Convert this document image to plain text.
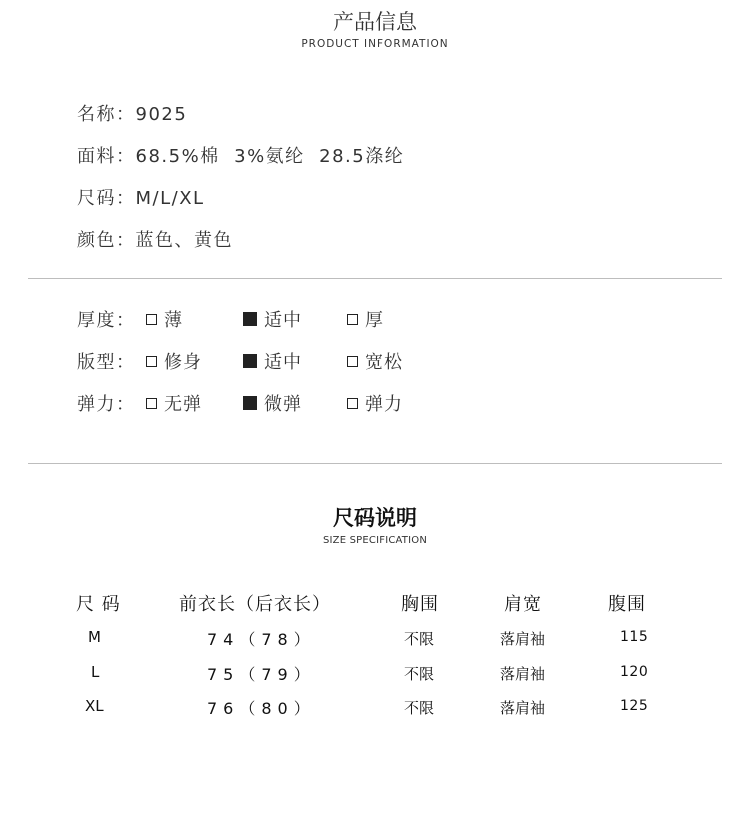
产品信息
PRODUCT INFORMATION
名称：9025
面料：68.5%棉  3%氨纶  28.5涤纶
尺码：M/L/XL
颜色：蓝色、黄色
厚度：	薄	适中	厚
版型：	修身	适中	宽松
弹力：	无弹	微弹	弹力
尺码说明
SIZE SPECIFICATION
尺 码	前衣长（后衣长）	胸围	肩宽	腹围
M	74（78）	不限	落肩袖	115
L	75（79）	不限	落肩袖	120
XL	76（80）	不限	落肩袖	125
